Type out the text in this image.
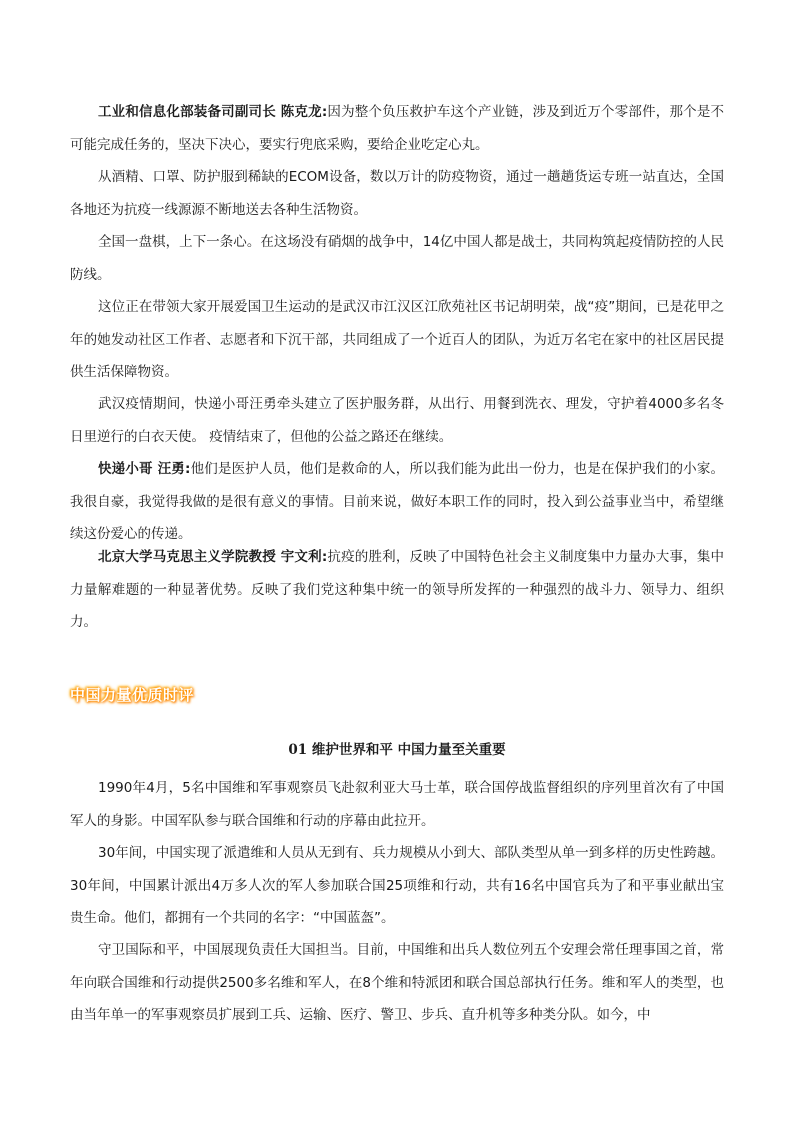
工业和信息化部装备司副司长 陈克龙:因为整个负压救护车这个产业链，涉及到近万个零部件，那个是不可能完成任务的，坚决下决心，要实行兜底采购，要给企业吃定心丸。

从酒精、口罩、防护服到稀缺的ECOM设备，数以万计的防疫物资，通过一趟趟货运专班一站直达，全国各地还为抗疫一线源源不断地送去各种生活物资。

全国一盘棋，上下一条心。在这场没有硝烟的战争中，14亿中国人都是战士，共同构筑起疫情防控的人民防线。

这位正在带领大家开展爱国卫生运动的是武汉市江汉区江欣苑社区书记胡明荣，战“疫”期间，已是花甲之年的她发动社区工作者、志愿者和下沉干部，共同组成了一个近百人的团队，为近万名宅在家中的社区居民提供生活保障物资。

武汉疫情期间，快递小哥汪勇牵头建立了医护服务群，从出行、用餐到洗衣、理发，守护着4000多名冬日里逆行的白衣天使。 疫情结束了，但他的公益之路还在继续。

快递小哥 汪勇:他们是医护人员，他们是救命的人，所以我们能为此出一份力，也是在保护我们的小家。我很自豪，我觉得我做的是很有意义的事情。目前来说，做好本职工作的同时，投入到公益事业当中，希望继续这份爱心的传递。

北京大学马克思主义学院教授 宇文利:抗疫的胜利，反映了中国特色社会主义制度集中力量办大事，集中力量解难题的一种显著优势。反映了我们党这种集中统一的领导所发挥的一种强烈的战斗力、领导力、组织力。

中国力量优质时评
01 维护世界和平 中国力量至关重要

1990年4月，5名中国维和军事观察员飞赴叙利亚大马士革，联合国停战监督组织的序列里首次有了中国军人的身影。中国军队参与联合国维和行动的序幕由此拉开。

30年间，中国实现了派遣维和人员从无到有、兵力规模从小到大、部队类型从单一到多样的历史性跨越。30年间，中国累计派出4万多人次的军人参加联合国25项维和行动，共有16名中国官兵为了和平事业献出宝贵生命。他们，都拥有一个共同的名字：“中国蓝盔”。

守卫国际和平，中国展现负责任大国担当。目前，中国维和出兵人数位列五个安理会常任理事国之首，常年向联合国维和行动提供2500多名维和军人，在8个维和特派团和联合国总部执行任务。维和军人的类型，也由当年单一的军事观察员扩展到工兵、运输、医疗、警卫、步兵、直升机等多种类分队。如今，中
